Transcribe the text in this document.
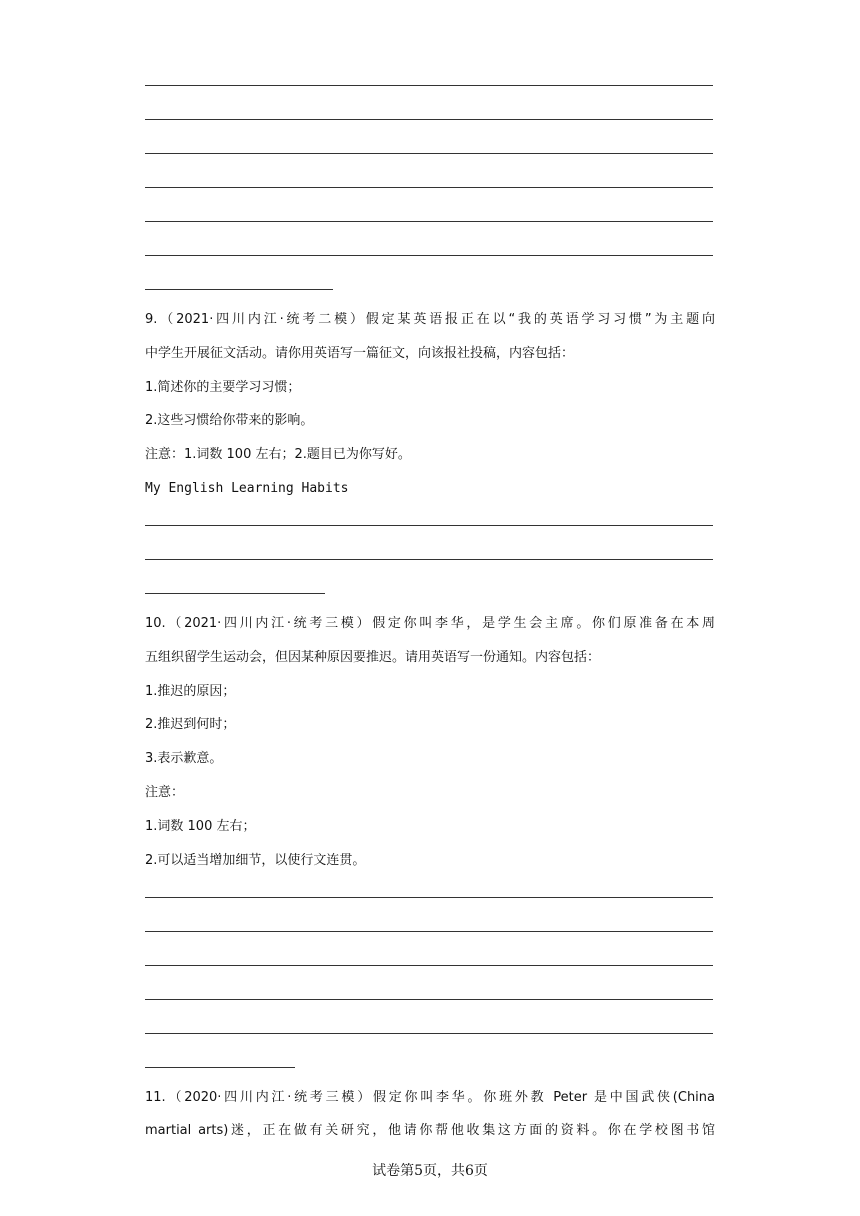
9.（2021·四川内江·统考二模）假定某英语报正在以“我的英语学习习惯”为主题向
中学生开展征文活动。请你用英语写一篇征文，向该报社投稿，内容包括：
1.简述你的主要学习习惯；
2.这些习惯给你带来的影响。
注意：1.词数 100 左右；2.题目已为你写好。
My English Learning Habits
10.（2021·四川内江·统考三模）假定你叫李华，是学生会主席。你们原准备在本周
五组织留学生运动会，但因某种原因要推迟。请用英语写一份通知。内容包括：
1.推迟的原因；
2.推迟到何时；
3.表示歉意。
注意：
1.词数 100 左右；
2.可以适当增加细节，以使行文连贯。
11.（2020·四川内江·统考三模）假定你叫李华。你班外教 Peter 是中国武侠(China
martial arts)迷，正在做有关研究，他请你帮他收集这方面的资料。你在学校图书馆
试卷第5页，共6页
